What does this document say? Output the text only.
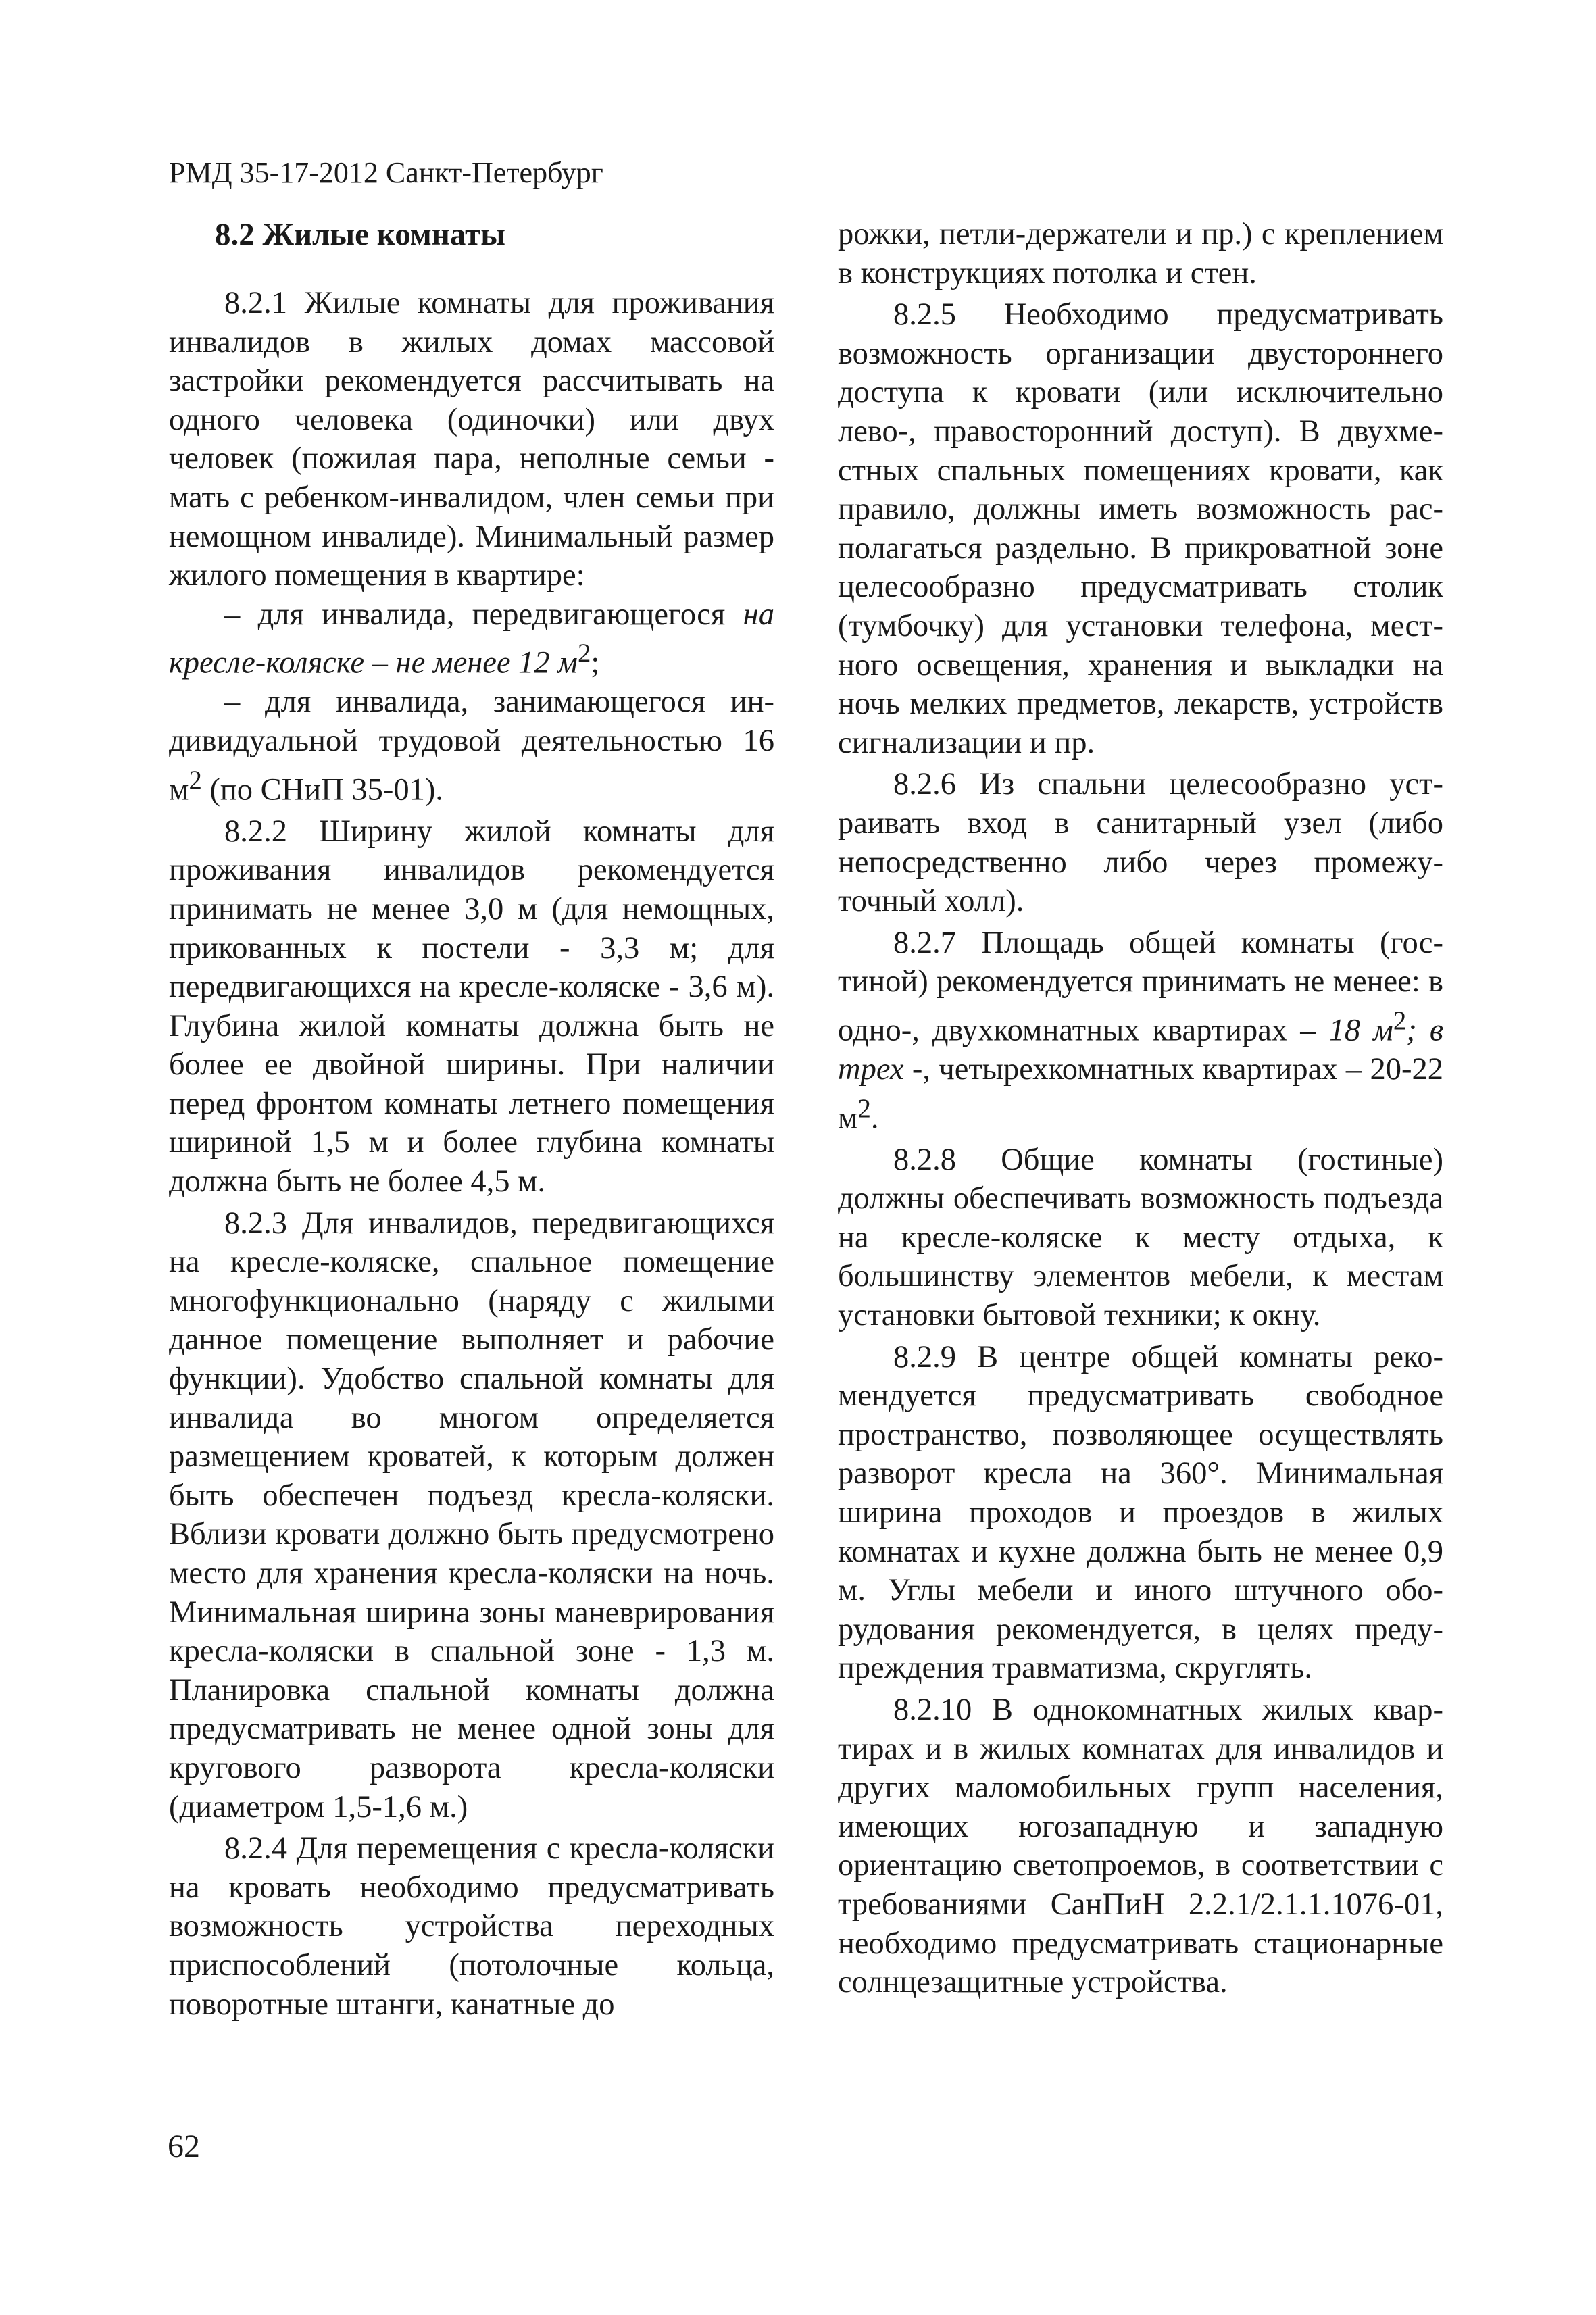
РМД 35-17-2012 Санкт-Петербург
8.2 Жилые комнаты

8.2.1 Жилые комнаты для проживания инвалидов в жилых домах массовой застройки рекомендуется рассчитывать на одного человека (одиночки) или двух человек (пожилая пара, неполные семьи - мать с ребенком-инвалидом, член семьи при немощном инвалиде). Минимальный размер жилого помещения в квартире:

– для инвалида, передвигающегося на кресле-коляске – не менее 12 $м^2$;

– для инвалида, занимающегося индивидуальной трудовой деятельностью 16 $м^2$ (по СНиП 35-01).

8.2.2 Ширину жилой комнаты для проживания инвалидов рекомендуется принимать не менее 3,0 м (для немощных, прикованных к постели - 3,3 м; для передвигающихся на кресле-коляске - 3,6 м). Глубина жилой комнаты должна быть не более ее двойной ширины. При наличии перед фронтом комнаты летнего помещения шириной 1,5 м и более глубина комнаты должна быть не более 4,5 м.

8.2.3 Для инвалидов, передвигающихся на кресле-коляске, спальное помещение многофункционально (наряду с жилыми данное помещение выполняет и рабочие функции). Удобство спальной комнаты для инвалида во многом определяется размещением кроватей, к которым должен быть обеспечен подъезд кресла-коляски. Вблизи кровати должно быть предусмотрено место для хранения кресла-коляски на ночь. Минимальная ширина зоны маневрирования кресла-коляски в спальной зоне - 1,3 м. Планировка спальной комнаты должна предусматривать не менее одной зоны для кругового разворота кресла-коляски (диаметром 1,5-1,6 м.)

8.2.4 Для перемещения с кресла-коляски на кровать необходимо предусматривать возможность устройства переходных приспособлений (потолочные кольца, поворотные штанги, канатные до

рожки, петли-держатели и пр.) с креплением в конструкциях потолка и стен.

8.2.5 Необходимо предусматривать возможность организации двустороннего доступа к кровати (или исключительно лево-, правосторонний доступ). В двухместных спальных помещениях кровати, как правило, должны иметь возможность располагаться раздельно. В прикроватной зоне целесообразно предусматривать столик (тумбочку) для установки телефона, местного освещения, хранения и выкладки на ночь мелких предметов, лекарств, устройств сигнализации и пр.

8.2.6 Из спальни целесообразно устраивать вход в санитарный узел (либо непосредственно либо через промежуточный холл).

8.2.7 Площадь общей комнаты (гостиной) рекомендуется принимать не менее: в одно-, двухкомнатных квартирах – 18 $м^2$; в трех -, четырехкомнатных квартирах – 20-22 $м^2$.

8.2.8 Общие комнаты (гостиные) должны обеспечивать возможность подъезда на кресле-коляске к месту отдыха, к большинству элементов мебели, к местам установки бытовой техники; к окну.

8.2.9 В центре общей комнаты рекомендуется предусматривать свободное пространство, позволяющее осуществлять разворот кресла на 360°. Минимальная ширина проходов и проездов в жилых комнатах и кухне должна быть не менее 0,9 м. Углы мебели и иного штучного оборудования рекомендуется, в целях предупреждения травматизма, скруглять.

8.2.10 В однокомнатных жилых квартирах и в жилых комнатах для инвалидов и других маломобильных групп населения, имеющих югозападную и западную ориентацию светопроемов, в соответствии с требованиями СанПиН 2.2.1/2.1.1.1076-01, необходимо предусматривать стационарные солнцезащитные устройства.

62
